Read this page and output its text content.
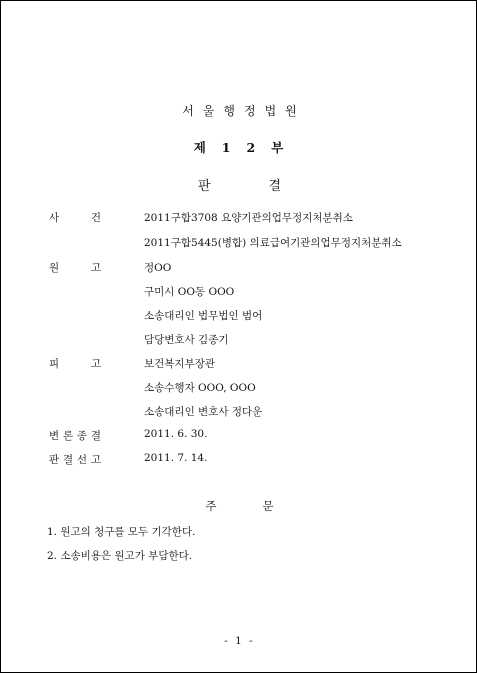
서울행정법원
제12부
판결
사	건	2011구합3708 요양기관의업무정지처분취소
2011구합5445(병합) 의료급여기관의업무정지처분취소
원	고	정OO
구미시 OO동 OOO
소송대리인 법무법인 범어
담당변호사 김종기
피	고	보건복지부장관
소송수행자 OOO, OOO
소송대리인 변호사 정다운
변 론 종 결	2011. 6. 30.
판 결 선 고	2011. 7. 14.
주문
1. 원고의 청구를 모두 기각한다.
2. 소송비용은 원고가 부담한다.
- 1 -
